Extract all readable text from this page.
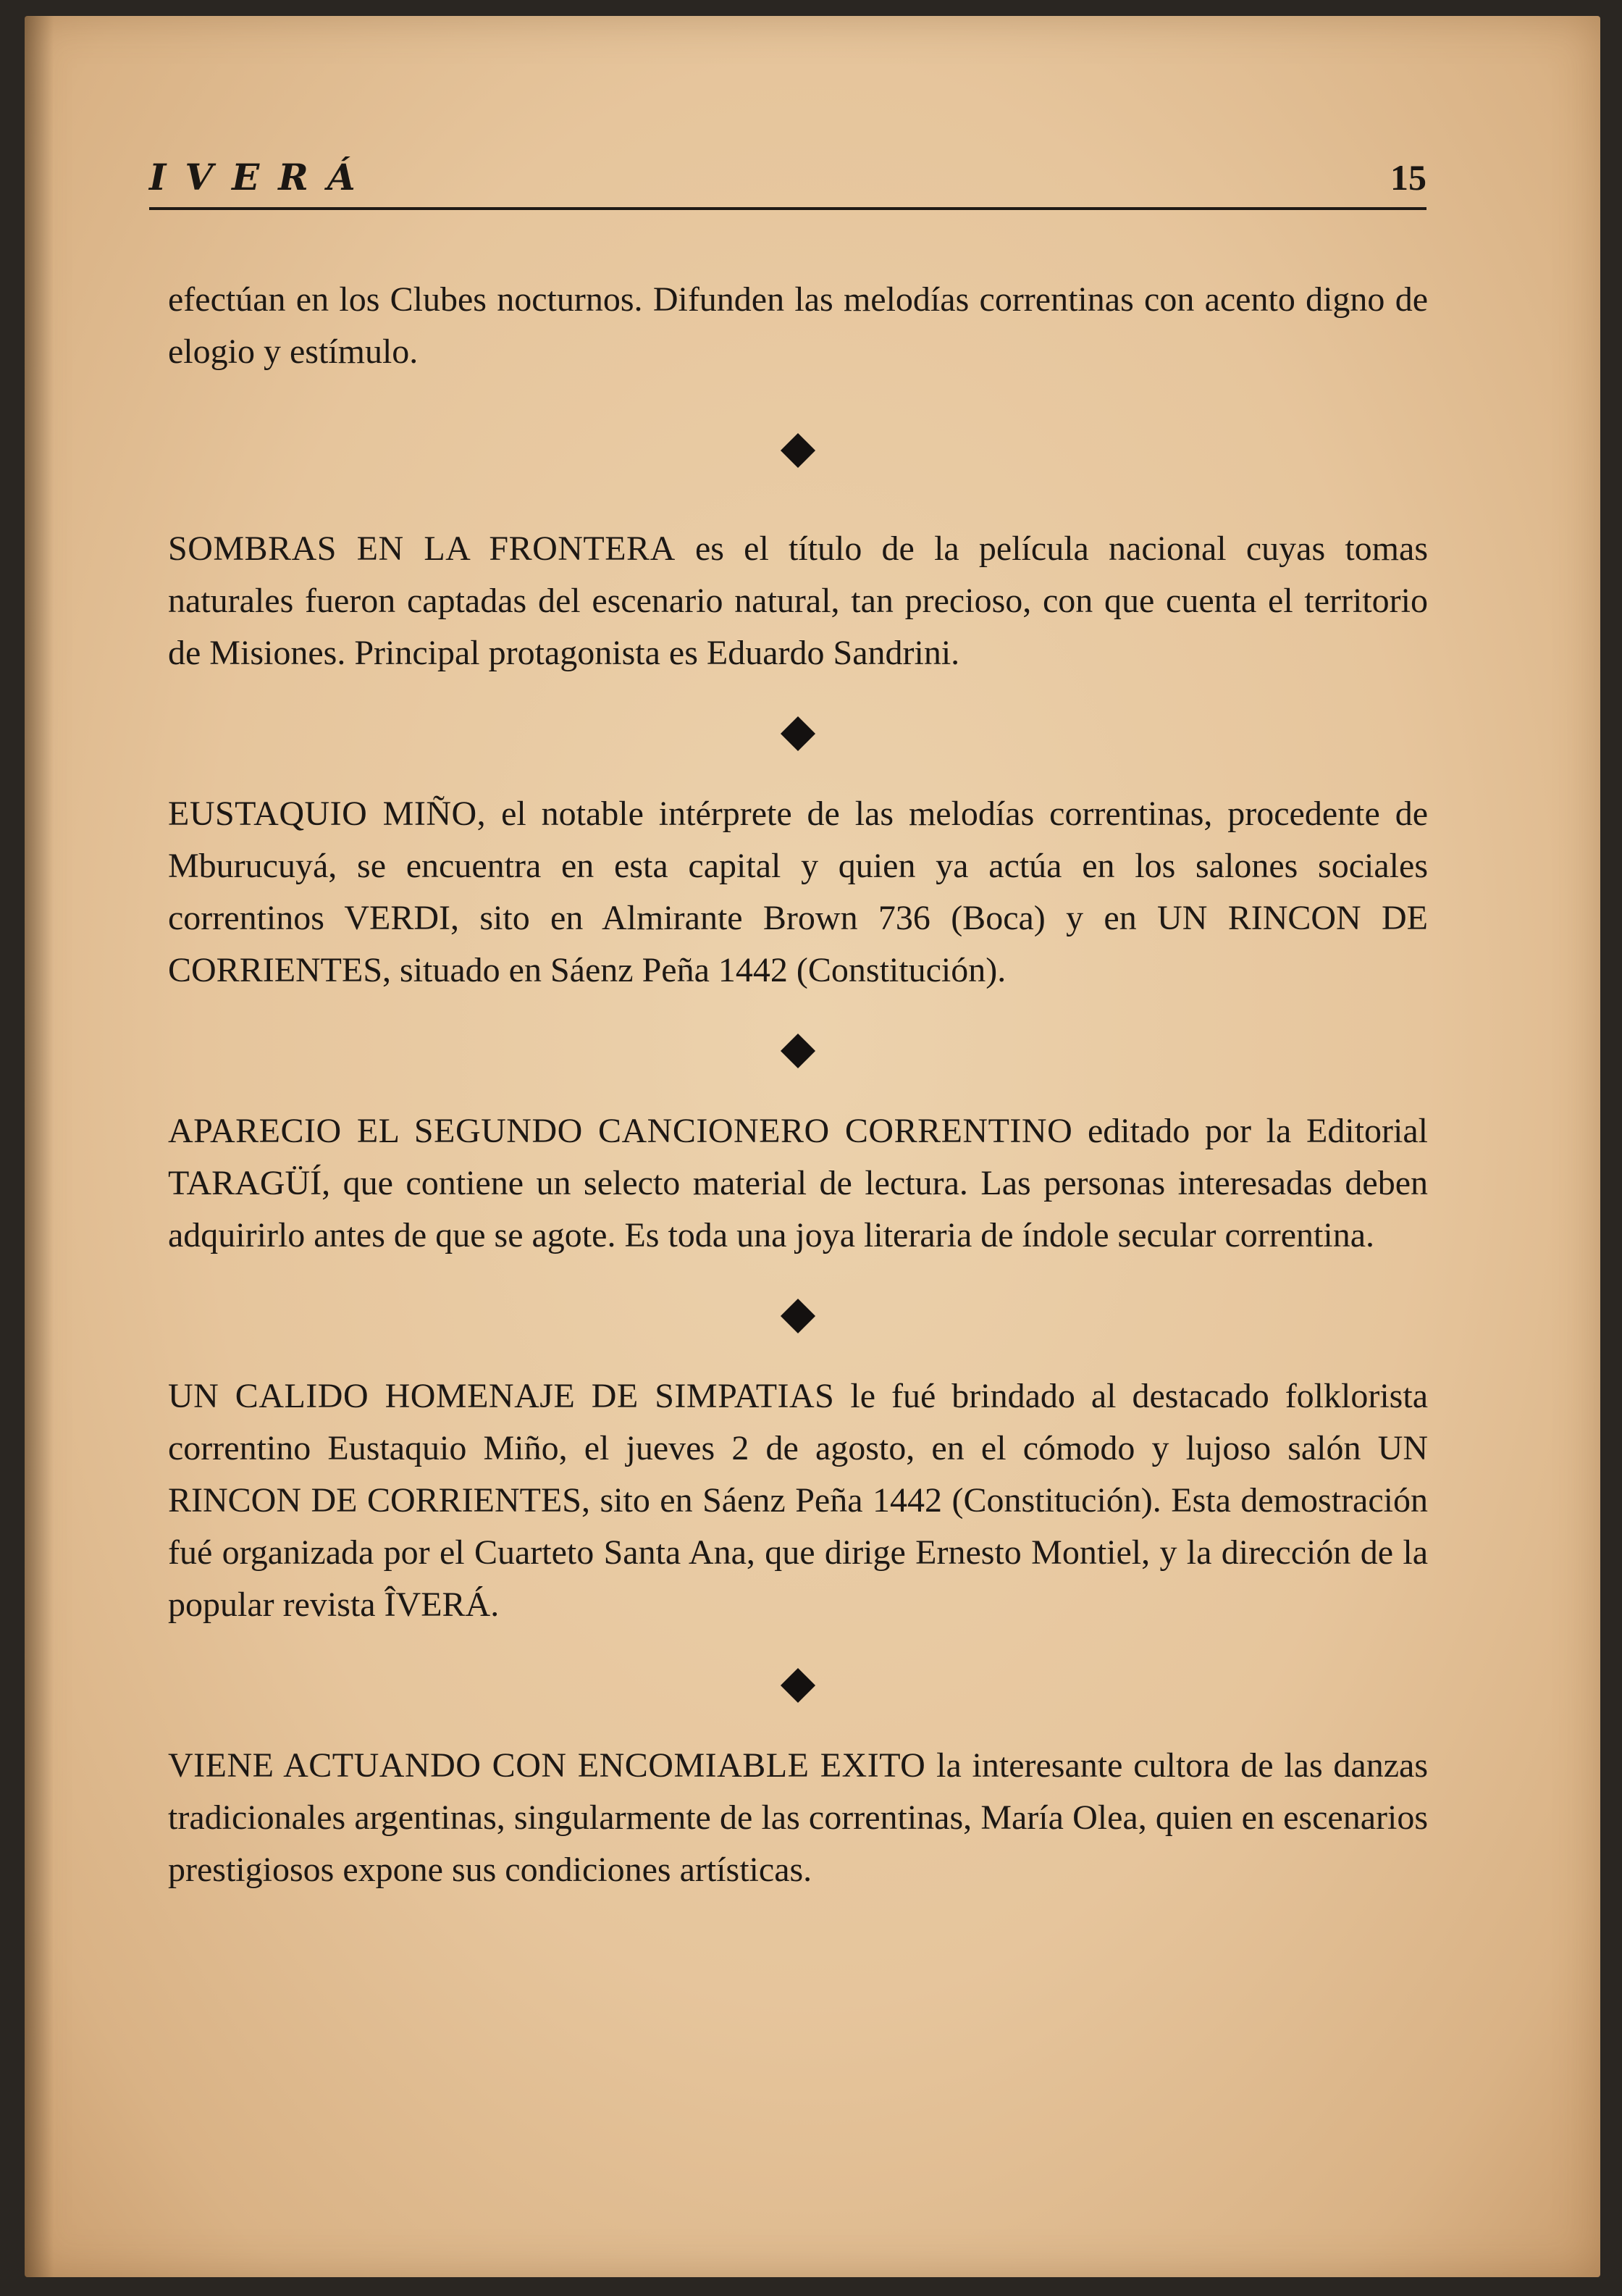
IVERÁ	15

efectúan en los Clubes nocturnos. Difunden las melodías correntinas con acento digno de elogio y estímulo.

SOMBRAS EN LA FRONTERA es el título de la película nacional cuyas tomas naturales fueron captadas del escenario natural, tan precioso, con que cuenta el territorio de Misiones. Principal protagonista es Eduardo Sandrini.

EUSTAQUIO MIÑO, el notable intérprete de las melodías correntinas, procedente de Mburucuyá, se encuentra en esta capital y quien ya actúa en los salones sociales correntinos VERDI, sito en Almirante Brown 736 (Boca) y en UN RINCON DE CORRIENTES, situado en Sáenz Peña 1442 (Constitución).

APARECIO EL SEGUNDO CANCIONERO CORRENTINO editado por la Editorial TARAGÜÍ, que contiene un selecto material de lectura. Las personas interesadas deben adquirirlo antes de que se agote. Es toda una joya literaria de índole secular correntina.

UN CALIDO HOMENAJE DE SIMPATIAS le fué brindado al destacado folklorista correntino Eustaquio Miño, el jueves 2 de agosto, en el cómodo y lujoso salón UN RINCON DE CORRIENTES, sito en Sáenz Peña 1442 (Constitución). Esta demostración fué organizada por el Cuarteto Santa Ana, que dirige Ernesto Montiel, y la dirección de la popular revista ÎVERÁ.

VIENE ACTUANDO CON ENCOMIABLE EXITO la interesante cultora de las danzas tradicionales argentinas, singularmente de las correntinas, María Olea, quien en escenarios prestigiosos expone sus condiciones artísticas.
